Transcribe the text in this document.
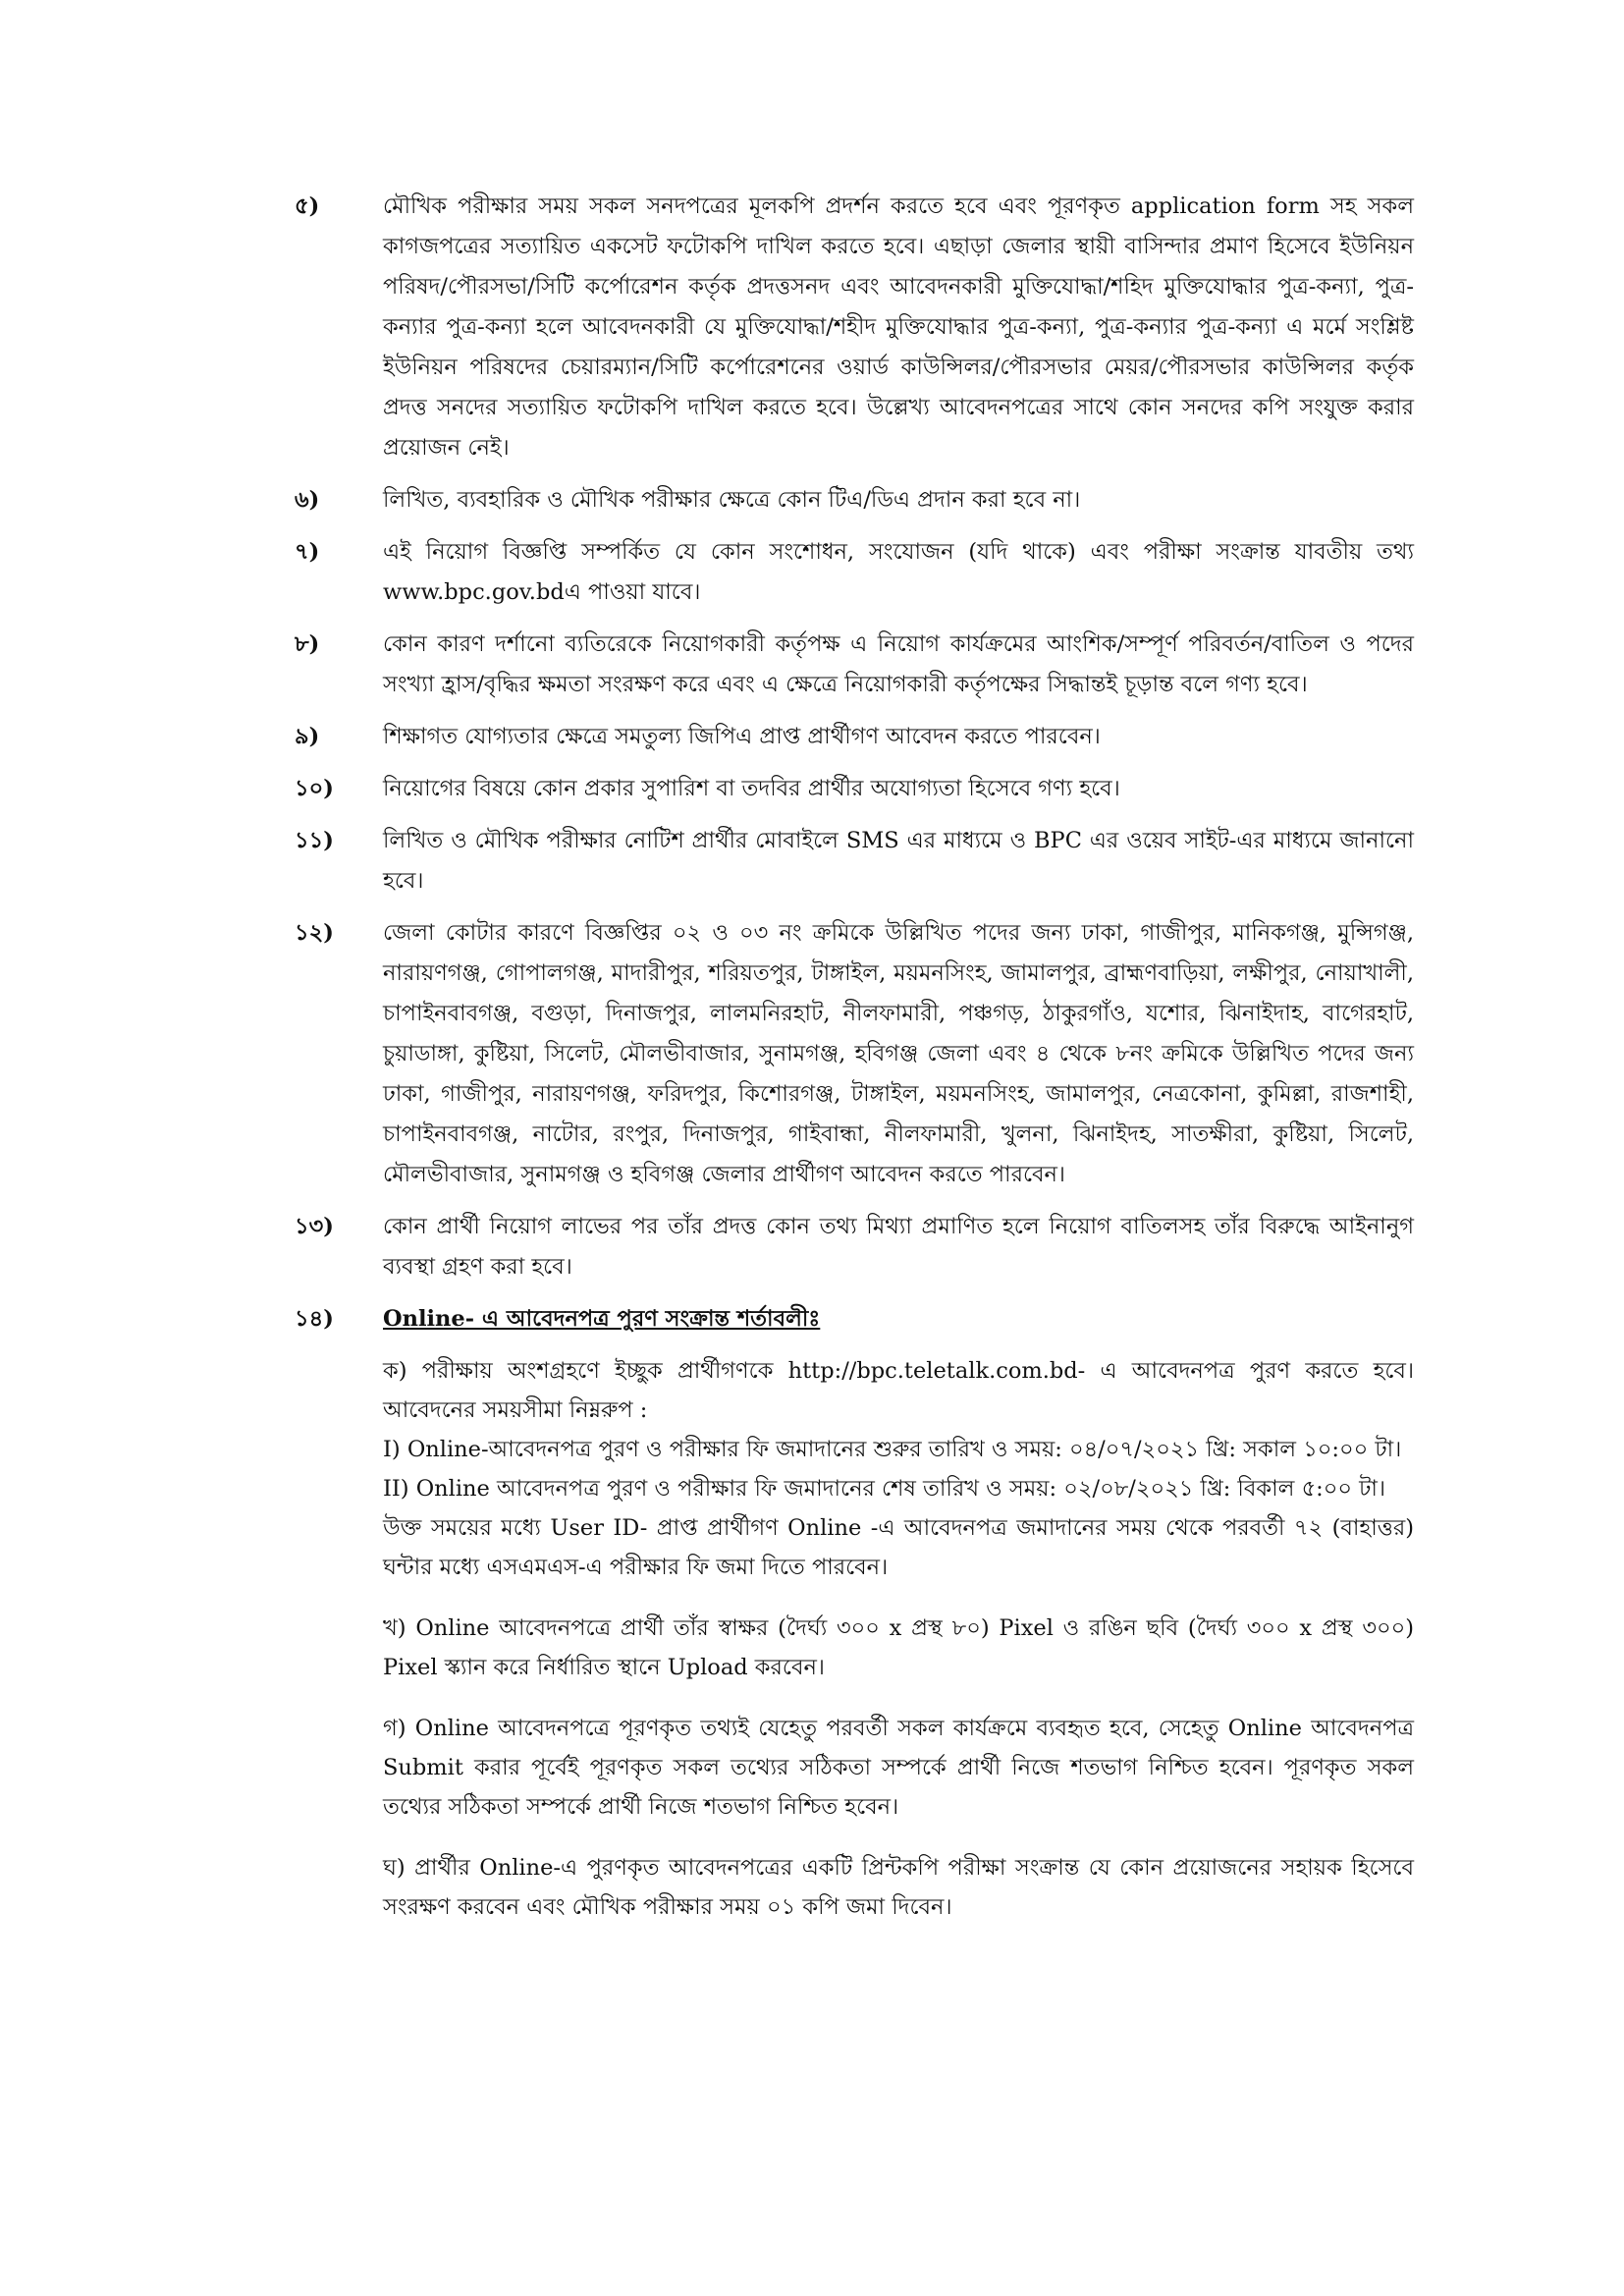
৫)	মৌখিক পরীক্ষার সময় সকল সনদপত্রের মূলকপি প্রদর্শন করতে হবে এবং পূরণকৃত application form সহ সকল কাগজপত্রের সত্যায়িত একসেট ফটোকপি দাখিল করতে হবে। এছাড়া জেলার স্থায়ী বাসিন্দার প্রমাণ হিসেবে ইউনিয়ন পরিষদ/পৌরসভা/সিটি কর্পোরেশন কর্তৃক প্রদত্তসনদ এবং আবেদনকারী মুক্তিযোদ্ধা/শহিদ মুক্তিযোদ্ধার পুত্র-কন্যা, পুত্র-কন্যার পুত্র-কন্যা হলে আবেদনকারী যে মুক্তিযোদ্ধা/শহীদ মুক্তিযোদ্ধার পুত্র-কন্যা, পুত্র-কন্যার পুত্র-কন্যা এ মর্মে সংশ্লিষ্ট ইউনিয়ন পরিষদের চেয়ারম্যান/সিটি কর্পোরেশনের ওয়ার্ড কাউন্সিলর/পৌরসভার মেয়র/পৌরসভার কাউন্সিলর কর্তৃক প্রদত্ত সনদের সত্যায়িত ফটোকপি দাখিল করতে হবে। উল্লেখ্য আবেদনপত্রের সাথে কোন সনদের কপি সংযুক্ত করার প্রয়োজন নেই।
৬)	লিখিত, ব্যবহারিক ও মৌখিক পরীক্ষার ক্ষেত্রে কোন টিএ/ডিএ প্রদান করা হবে না।
৭)	এই নিয়োগ বিজ্ঞপ্তি সম্পর্কিত যে কোন সংশোধন, সংযোজন (যদি থাকে) এবং পরীক্ষা সংক্রান্ত যাবতীয় তথ্য www.bpc.gov.bdএ পাওয়া যাবে।
৮)	কোন কারণ দর্শানো ব্যতিরেকে নিয়োগকারী কর্তৃপক্ষ এ নিয়োগ কার্যক্রমের আংশিক/সম্পূর্ণ পরিবর্তন/বাতিল ও পদের সংখ্যা হ্রাস/বৃদ্ধির ক্ষমতা সংরক্ষণ করে এবং এ ক্ষেত্রে নিয়োগকারী কর্তৃপক্ষের সিদ্ধান্তই চূড়ান্ত বলে গণ্য হবে।
৯)	শিক্ষাগত যোগ্যতার ক্ষেত্রে সমতুল্য জিপিএ প্রাপ্ত প্রার্থীগণ আবেদন করতে পারবেন।
১০)	নিয়োগের বিষয়ে কোন প্রকার সুপারিশ বা তদবির প্রার্থীর অযোগ্যতা হিসেবে গণ্য হবে।
১১)	লিখিত ও মৌখিক পরীক্ষার নোটিশ প্রার্থীর মোবাইলে SMS এর মাধ্যমে ও BPC এর ওয়েব সাইট-এর মাধ্যমে জানানো হবে।
১২)	জেলা কোটার কারণে বিজ্ঞপ্তির ০২ ও ০৩ নং ক্রমিকে উল্লিখিত পদের জন্য ঢাকা, গাজীপুর, মানিকগঞ্জ, মুন্সিগঞ্জ, নারায়ণগঞ্জ, গোপালগঞ্জ, মাদারীপুর, শরিয়তপুর, টাঙ্গাইল, ময়মনসিংহ, জামালপুর, ব্রাহ্মণবাড়িয়া, লক্ষীপুর, নোয়াখালী, চাপাইনবাবগঞ্জ, বগুড়া, দিনাজপুর, লালমনিরহাট, নীলফামারী, পঞ্চগড়, ঠাকুরগাঁও, যশোর, ঝিনাইদাহ, বাগেরহাট, চুয়াডাঙ্গা, কুষ্টিয়া, সিলেট, মৌলভীবাজার, সুনামগঞ্জ, হবিগঞ্জ জেলা এবং ৪ থেকে ৮নং ক্রমিকে উল্লিখিত পদের জন্য ঢাকা, গাজীপুর, নারায়ণগঞ্জ, ফরিদপুর, কিশোরগঞ্জ, টাঙ্গাইল, ময়মনসিংহ, জামালপুর, নেত্রকোনা, কুমিল্লা, রাজশাহী, চাপাইনবাবগঞ্জ, নাটোর, রংপুর, দিনাজপুর, গাইবান্ধা, নীলফামারী, খুলনা, ঝিনাইদহ, সাতক্ষীরা, কুষ্টিয়া, সিলেট, মৌলভীবাজার, সুনামগঞ্জ ও হবিগঞ্জ জেলার প্রার্থীগণ আবেদন করতে পারবেন।
১৩)	কোন প্রার্থী নিয়োগ লাভের পর তাঁর প্রদত্ত কোন তথ্য মিথ্যা প্রমাণিত হলে নিয়োগ বাতিলসহ তাঁর বিরুদ্ধে আইনানুগ ব্যবস্থা গ্রহণ করা হবে।
১৪)	Online- এ আবেদনপত্র পুরণ সংক্রান্ত শর্তাবলীঃ

ক) পরীক্ষায় অংশগ্রহণে ইচ্ছুক প্রার্থীগণকে http://bpc.teletalk.com.bd- এ আবেদনপত্র পুরণ করতে হবে। আবেদনের সময়সীমা নিম্নরুপ :

I) Online-আবেদনপত্র পুরণ ও পরীক্ষার ফি জমাদানের শুরুর তারিখ ও সময়: ০৪/০৭/২০২১ খ্রি: সকাল ১০:০০ টা।

II) Online আবেদনপত্র পুরণ ও পরীক্ষার ফি জমাদানের শেষ তারিখ ও সময়: ০২/০৮/২০২১ খ্রি: বিকাল ৫:০০ টা।

উক্ত সময়ের মধ্যে User ID- প্রাপ্ত প্রার্থীগণ Online -এ আবেদনপত্র জমাদানের সময় থেকে পরবর্তী ৭২ (বাহাত্তর) ঘন্টার মধ্যে এসএমএস-এ পরীক্ষার ফি জমা দিতে পারবেন।

খ) Online আবেদনপত্রে প্রার্থী তাঁর স্বাক্ষর (দৈর্ঘ্য ৩০০ x প্রস্থ ৮০) Pixel ও রঙিন ছবি (দৈর্ঘ্য ৩০০ x প্রস্থ ৩০০) Pixel স্ক্যান করে নির্ধারিত স্থানে Upload করবেন।

গ) Online আবেদনপত্রে পূরণকৃত তথ্যই যেহেতু পরবর্তী সকল কার্যক্রমে ব্যবহৃত হবে, সেহেতু Online আবেদনপত্র Submit করার পূর্বেই পূরণকৃত সকল তথ্যের সঠিকতা সম্পর্কে প্রার্থী নিজে শতভাগ নিশ্চিত হবেন। পূরণকৃত সকল তথ্যের সঠিকতা সম্পর্কে প্রার্থী নিজে শতভাগ নিশ্চিত হবেন।

ঘ) প্রার্থীর Online-এ পুরণকৃত আবেদনপত্রের একটি প্রিন্টকপি পরীক্ষা সংক্রান্ত যে কোন প্রয়োজনের সহায়ক হিসেবে সংরক্ষণ করবেন এবং মৌখিক পরীক্ষার সময় ০১ কপি জমা দিবেন।
